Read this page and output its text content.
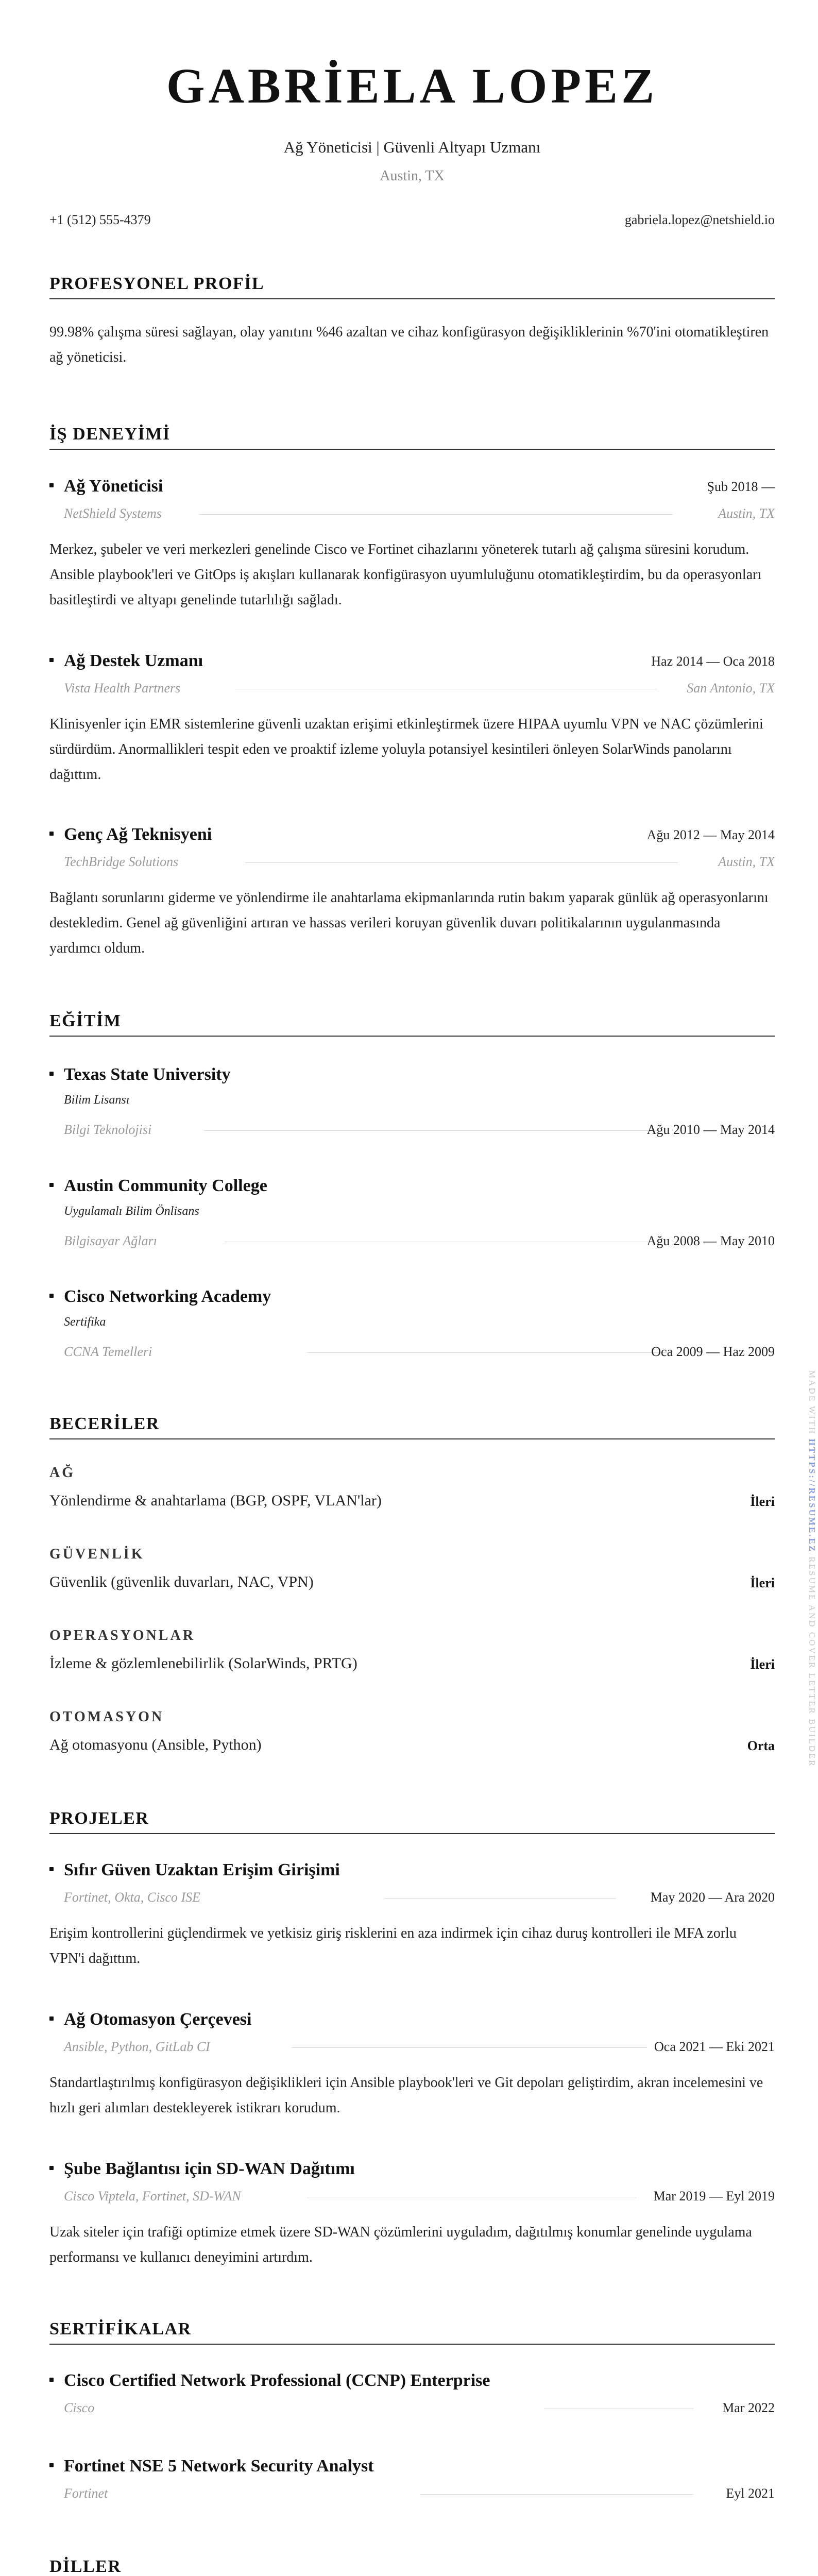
GABRİELA LOPEZ
Ağ Yöneticisi | Güvenli Altyapı Uzmanı
Austin, TX
+1 (512) 555-4379	gabriela.lopez@netshield.io
PROFESYONEL PROFİL
99.98% çalışma süresi sağlayan, olay yanıtını %46 azaltan ve cihaz konfigürasyon değişikliklerinin %70'ini otomatikleştiren ağ yöneticisi.
İŞ DENEYİMİ
Ağ Yöneticisi	Şub 2018 —
NetShield Systems	Austin, TX
Merkez, şubeler ve veri merkezleri genelinde Cisco ve Fortinet cihazlarını yöneterek tutarlı ağ çalışma süresini korudum. Ansible playbook'leri ve GitOps iş akışları kullanarak konfigürasyon uyumluluğunu otomatikleştirdim, bu da operasyonları basitleştirdi ve altyapı genelinde tutarlılığı sağladı.
Ağ Destek Uzmanı	Haz 2014 — Oca 2018
Vista Health Partners	San Antonio, TX
Klinisyenler için EMR sistemlerine güvenli uzaktan erişimi etkinleştirmek üzere HIPAA uyumlu VPN ve NAC çözümlerini sürdürdüm. Anormallikleri tespit eden ve proaktif izleme yoluyla potansiyel kesintileri önleyen SolarWinds panolarını dağıttım.
Genç Ağ Teknisyeni	Ağu 2012 — May 2014
TechBridge Solutions	Austin, TX
Bağlantı sorunlarını giderme ve yönlendirme ile anahtarlama ekipmanlarında rutin bakım yaparak günlük ağ operasyonlarını destekledim. Genel ağ güvenliğini artıran ve hassas verileri koruyan güvenlik duvarı politikalarının uygulanmasında yardımcı oldum.
EĞİTİM
Texas State University
Bilim Lisansı
Bilgi Teknolojisi	Ağu 2010 — May 2014
Austin Community College
Uygulamalı Bilim Önlisans
Bilgisayar Ağları	Ağu 2008 — May 2010
Cisco Networking Academy
Sertifika
CCNA Temelleri	Oca 2009 — Haz 2009
BECERİLER
AĞ
Yönlendirme & anahtarlama (BGP, OSPF, VLAN'lar)	İleri
GÜVENLİK
Güvenlik (güvenlik duvarları, NAC, VPN)	İleri
OPERASYONLAR
İzleme & gözlemlenebilirlik (SolarWinds, PRTG)	İleri
OTOMASYON
Ağ otomasyonu (Ansible, Python)	Orta
PROJELER
Sıfır Güven Uzaktan Erişim Girişimi
Fortinet, Okta, Cisco ISE	May 2020 — Ara 2020
Erişim kontrollerini güçlendirmek ve yetkisiz giriş risklerini en aza indirmek için cihaz duruş kontrolleri ile MFA zorlu VPN'i dağıttım.
Ağ Otomasyon Çerçevesi
Ansible, Python, GitLab CI	Oca 2021 — Eki 2021
Standartlaştırılmış konfigürasyon değişiklikleri için Ansible playbook'leri ve Git depoları geliştirdim, akran incelemesini ve hızlı geri alımları destekleyerek istikrarı korudum.
Şube Bağlantısı için SD-WAN Dağıtımı
Cisco Viptela, Fortinet, SD-WAN	Mar 2019 — Eyl 2019
Uzak siteler için trafiği optimize etmek üzere SD-WAN çözümlerini uyguladım, dağıtılmış konumlar genelinde uygulama performansı ve kullanıcı deneyimini artırdım.
SERTİFİKALAR
Cisco Certified Network Professional (CCNP) Enterprise
Cisco	Mar 2022
Fortinet NSE 5 Network Security Analyst
Fortinet	Eyl 2021
DİLLER
MADE WITH HTTPS://RESUME.EZ RESUME AND COVER LETTER BUILDER
